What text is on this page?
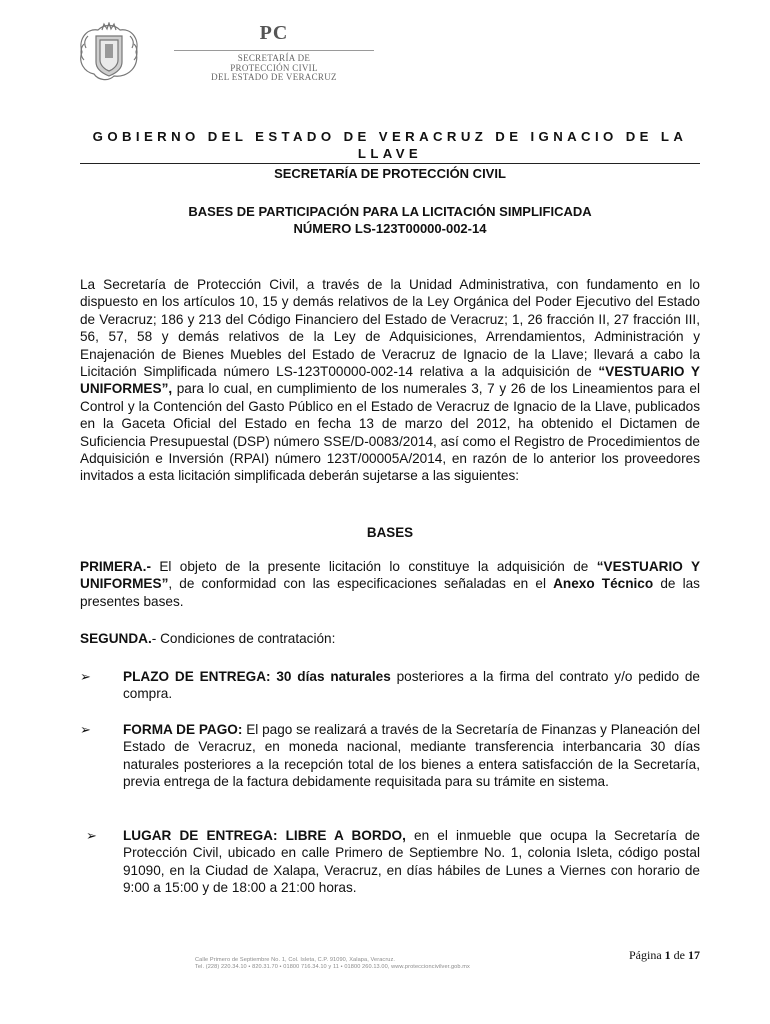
PC
SECRETARÍA DE
PROTECCIÓN CIVIL
DEL ESTADO DE VERACRUZ
GOBIERNO DEL ESTADO DE VERACRUZ DE IGNACIO DE LA LLAVE
SECRETARÍA DE PROTECCIÓN CIVIL
BASES DE PARTICIPACIÓN PARA LA LICITACIÓN SIMPLIFICADA
NÚMERO LS-123T00000-002-14
La Secretaría de Protección Civil, a través de la Unidad Administrativa, con fundamento en lo dispuesto en los artículos 10, 15 y demás relativos de la Ley Orgánica del Poder Ejecutivo del Estado de Veracruz; 186 y 213 del Código Financiero del Estado de Veracruz; 1, 26 fracción II, 27 fracción III, 56, 57, 58 y demás relativos de la Ley de Adquisiciones, Arrendamientos, Administración y Enajenación de Bienes Muebles del Estado de Veracruz de Ignacio de la Llave; llevará a cabo la Licitación Simplificada número LS-123T00000-002-14 relativa a la adquisición de “VESTUARIO Y UNIFORMES”, para lo cual, en cumplimiento de los numerales 3, 7 y 26 de los Lineamientos para el Control y la Contención del Gasto Público en el Estado de Veracruz de Ignacio de la Llave, publicados en la Gaceta Oficial del Estado en fecha 13 de marzo del 2012, ha obtenido el Dictamen de Suficiencia Presupuestal (DSP) número SSE/D-0083/2014, así como el Registro de Procedimientos de Adquisición e Inversión (RPAI) número 123T/00005A/2014, en razón de lo anterior los proveedores invitados a esta licitación simplificada deberán sujetarse a las siguientes:
BASES
PRIMERA.- El objeto de la presente licitación lo constituye la adquisición de “VESTUARIO Y UNIFORMES”, de conformidad con las especificaciones señaladas en el Anexo Técnico de las presentes bases.
SEGUNDA.- Condiciones de contratación:
➢ PLAZO DE ENTREGA: 30 días naturales posteriores a la firma del contrato y/o pedido de compra.
➢ FORMA DE PAGO: El pago se realizará a través de la Secretaría de Finanzas y Planeación del Estado de Veracruz, en moneda nacional, mediante transferencia interbancaria 30 días naturales posteriores a la recepción total de los bienes a entera satisfacción de la Secretaría, previa entrega de la factura debidamente requisitada para su trámite en sistema.
➢ LUGAR DE ENTREGA: LIBRE A BORDO, en el inmueble que ocupa la Secretaría de Protección Civil, ubicado en calle Primero de Septiembre No. 1, colonia Isleta, código postal 91090, en la Ciudad de Xalapa, Veracruz, en días hábiles de Lunes a Viernes con horario de 9:00 a 15:00 y de 18:00 a 21:00 horas.
Página 1 de 17
Calle Primero de Septiembre No. 1, Col. Isleta, C.P. 91090, Xalapa, Veracruz.
Tel. (228) 220.34.10 • 820.31.70 • 01800 716.34.10 y 11 • 01800 260.13.00, www.proteccioncivilver.gob.mx
